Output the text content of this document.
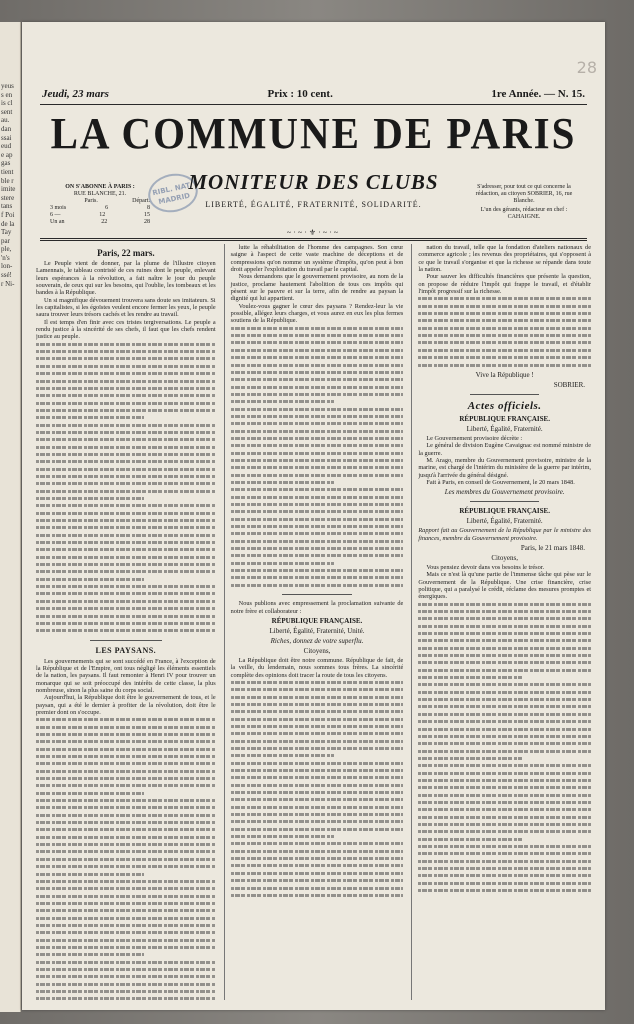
yeus
s en
is cl
sent
au.
dan
ssai
eud
e ap
gas
tient
ble r
imite
stere
tans
f Poi
de la
Tay
par
ple,
'n's
lon-
ssé!
r Ni-
28
Jeudi, 23 mars	Prix : 10 cent.	1re Année. — N. 15.
LA COMMUNE DE PARIS
ON S'ABONNE À PARIS :
RUE BLANCHE, 21.
Paris.	Départ.
3 mois	6	8
6 —	12	15
Un an	22	28
RIBL. NAT. MADRID
MONITEUR DES CLUBS	S'adresser, pour tout ce qui concerne la rédaction, au citoyen SOBRIER, 16, rue Blanche.
L'un des gérants, rédacteur en chef : CAHAIGNE.
LIBERTÉ, ÉGALITÉ, FRATERNITÉ, SOLIDARITÉ.
~·~·⚜·~·~
Paris, 22 mars.

Le Peuple vient de donner, par la plume de l'illustre citoyen Lamennais, le tableau contristé de ces ruines dont le peuple, enlevant leurs espérances à la révolution, a fait naître le jour du peuple souverain, de ceux qui sur les besoins, qui l'oublie, les tombeaux et les bandes à la République.

Un si magnifique dévouement trouvera sans doute ses imitateurs. Si les capitalistes, si les égoïstes veulent encore fermer les yeux, le peuple saura trouver leurs trésors cachés et les rendre au travail.

Il est temps d'en finir avec ces tristes tergiversations. Le peuple a rendu justice à la sincérité de ses chefs, il faut que les chefs rendent justice au peuple.

LES PAYSANS.

Les gouvernements qui se sont succédé en France, à l'exception de la République et de l'Empire, ont tous négligé les éléments essentiels de la nation, les paysans. Il faut remonter à Henri IV pour trouver un monarque qui se soit préoccupé des intérêts de cette classe, la plus nombreuse, sinon la plus saine du corps social.

Aujourd'hui, la République doit être le gouvernement de tous, et le paysan, qui a été le dernier à profiter de la révolution, doit être le premier dont on s'occupe.

lutte la réhabilitation de l'homme des campagnes. Son cœur saigne à l'aspect de cette vaste machine de déceptions et de compressions qu'on nomme un système d'impôts, qu'on peut à bon droit appeler l'exploitation du travail par le capital.

Nous demandons que le gouvernement provisoire, au nom de la justice, proclame hautement l'abolition de tous ces impôts qui pèsent sur le pauvre et sur la terre, afin de rendre au paysan la dignité qui lui appartient.

Voulez-vous gagner le cœur des paysans ? Rendez-leur la vie possible, allégez leurs charges, et vous aurez en eux les plus fermes soutiens de la République.

Nous publions avec empressement la proclamation suivante de notre frère et collaborateur :

RÉPUBLIQUE FRANÇAISE.
Liberté, Égalité, Fraternité, Unité.
Riches, donnez de votre superflu.
Citoyens,

La République doit être notre commune. République de fait, de la veille, du lendemain, nous sommes tous frères. La sincérité complète des opinions doit tracer la route de tous les citoyens.

nation du travail, telle que la fondation d'ateliers nationaux de commerce agricole ; les revenus des propriétaires, qui s'opposent à ce que le travail s'organise et que la richesse se répande dans toute la nation.

Pour sauver les difficultés financières que présente la question, on propose de réduire l'impôt qui frappe le travail, et d'établir l'impôt progressif sur la richesse.

Vive la République !
SOBRIER.
Actes officiels.
RÉPUBLIQUE FRANÇAISE.
Liberté, Égalité, Fraternité.

Le Gouvernement provisoire décrète :

Le général de division Eugène Cavaignac est nommé ministre de la guerre.

M. Arago, membre du Gouvernement provisoire, ministre de la marine, est chargé de l'intérim du ministère de la guerre par intérim, jusqu'à l'arrivée du général désigné.

Fait à Paris, en conseil de Gouvernement, le 20 mars 1848.

Les membres du Gouvernement provisoire.
RÉPUBLIQUE FRANÇAISE.
Liberté, Égalité, Fraternité.

Rapport fait au Gouvernement de la République par le ministre des finances, membre du Gouvernement provisoire.

Paris, le 21 mars 1848.
Citoyens,

Vous pensiez devoir dans vos besoins le trésor.

Mais ce n'est là qu'une partie de l'immense tâche qui pèse sur le Gouvernement de la République. Une crise financière, crise politique, qui a paralysé le crédit, réclame des mesures promptes et énergiques.
